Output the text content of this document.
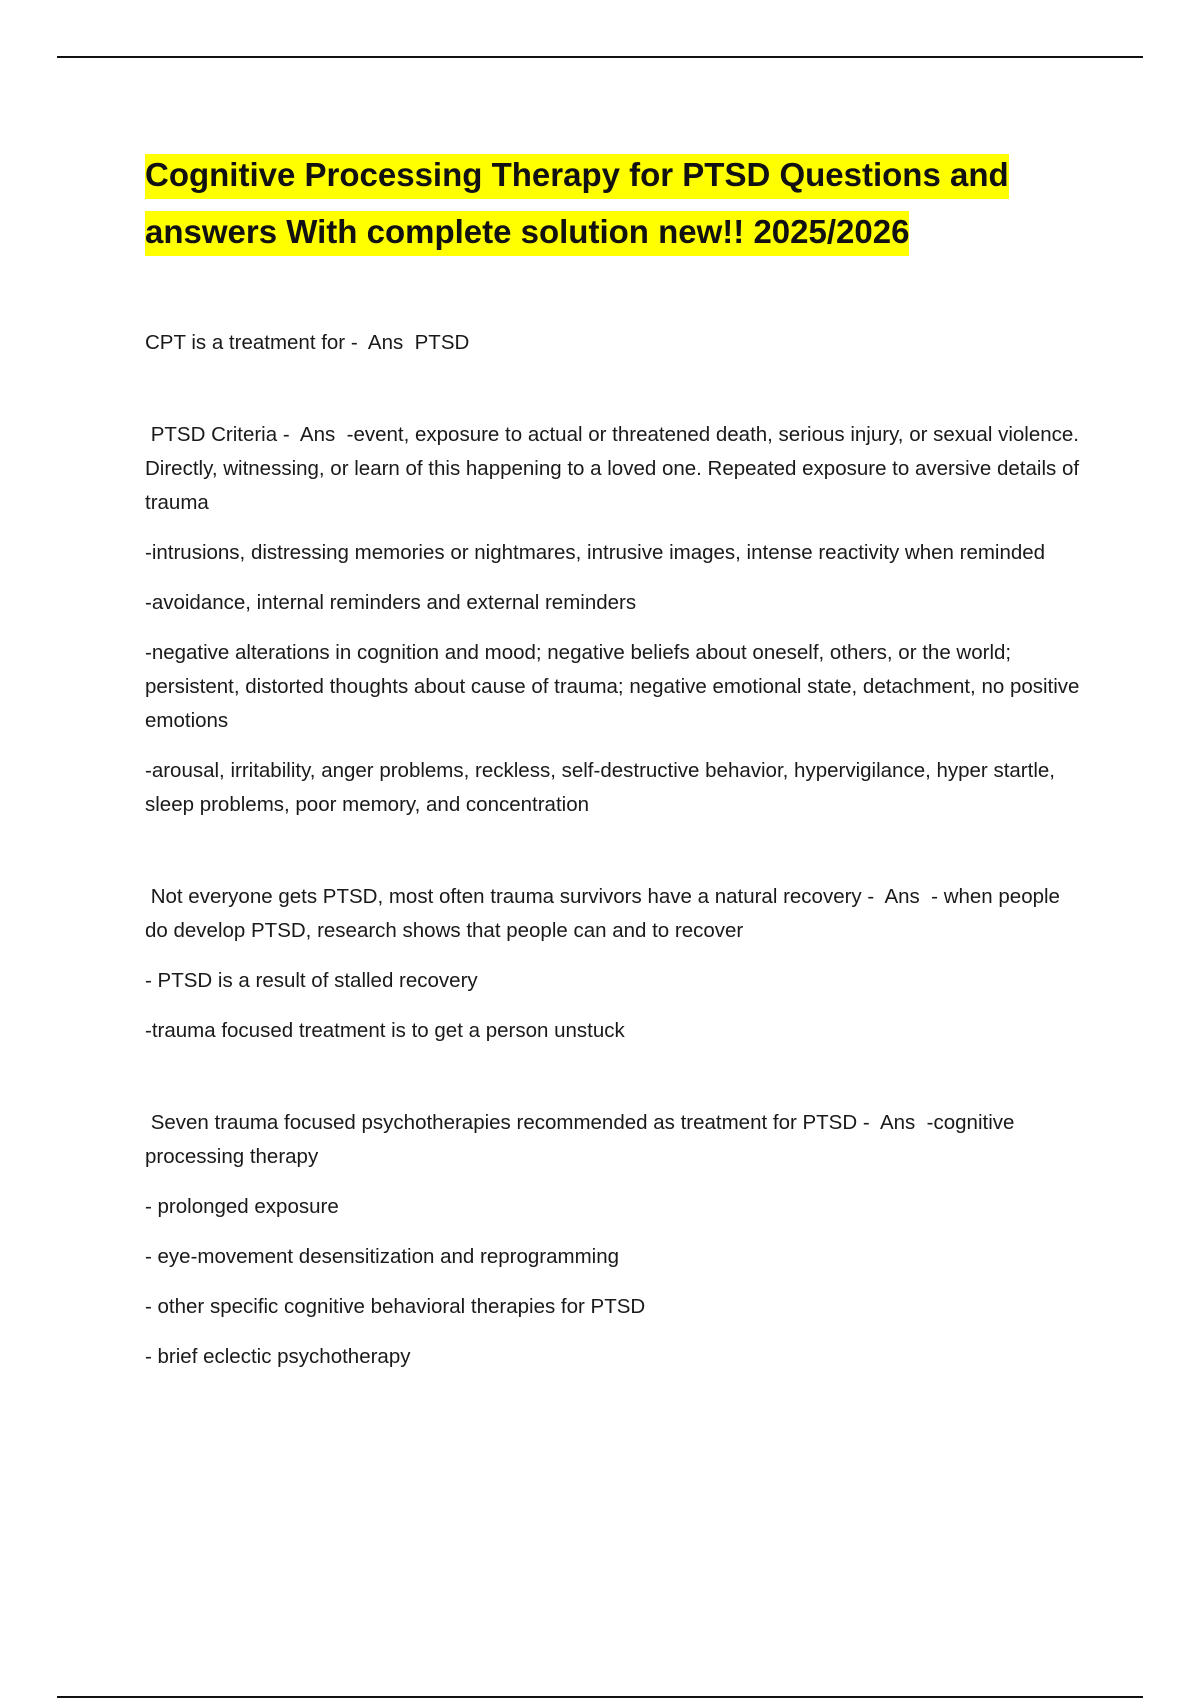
Cognitive Processing Therapy for PTSD Questions and answers With complete solution new!! 2025/2026

CPT is a treatment for -  Ans  PTSD

PTSD Criteria -  Ans  -event, exposure to actual or threatened death, serious injury, or sexual violence. Directly, witnessing, or learn of this happening to a loved one. Repeated exposure to aversive details of trauma

-intrusions, distressing memories or nightmares, intrusive images, intense reactivity when reminded

-avoidance, internal reminders and external reminders

-negative alterations in cognition and mood; negative beliefs about oneself, others, or the world; persistent, distorted thoughts about cause of trauma; negative emotional state, detachment, no positive emotions

-arousal, irritability, anger problems, reckless, self-destructive behavior, hypervigilance, hyper startle, sleep problems, poor memory, and concentration

Not everyone gets PTSD, most often trauma survivors have a natural recovery -  Ans  - when people do develop PTSD, research shows that people can and to recover

- PTSD is a result of stalled recovery

-trauma focused treatment is to get a person unstuck

Seven trauma focused psychotherapies recommended as treatment for PTSD -  Ans  -cognitive processing therapy

- prolonged exposure

- eye-movement desensitization and reprogramming

- other specific cognitive behavioral therapies for PTSD

- brief eclectic psychotherapy
